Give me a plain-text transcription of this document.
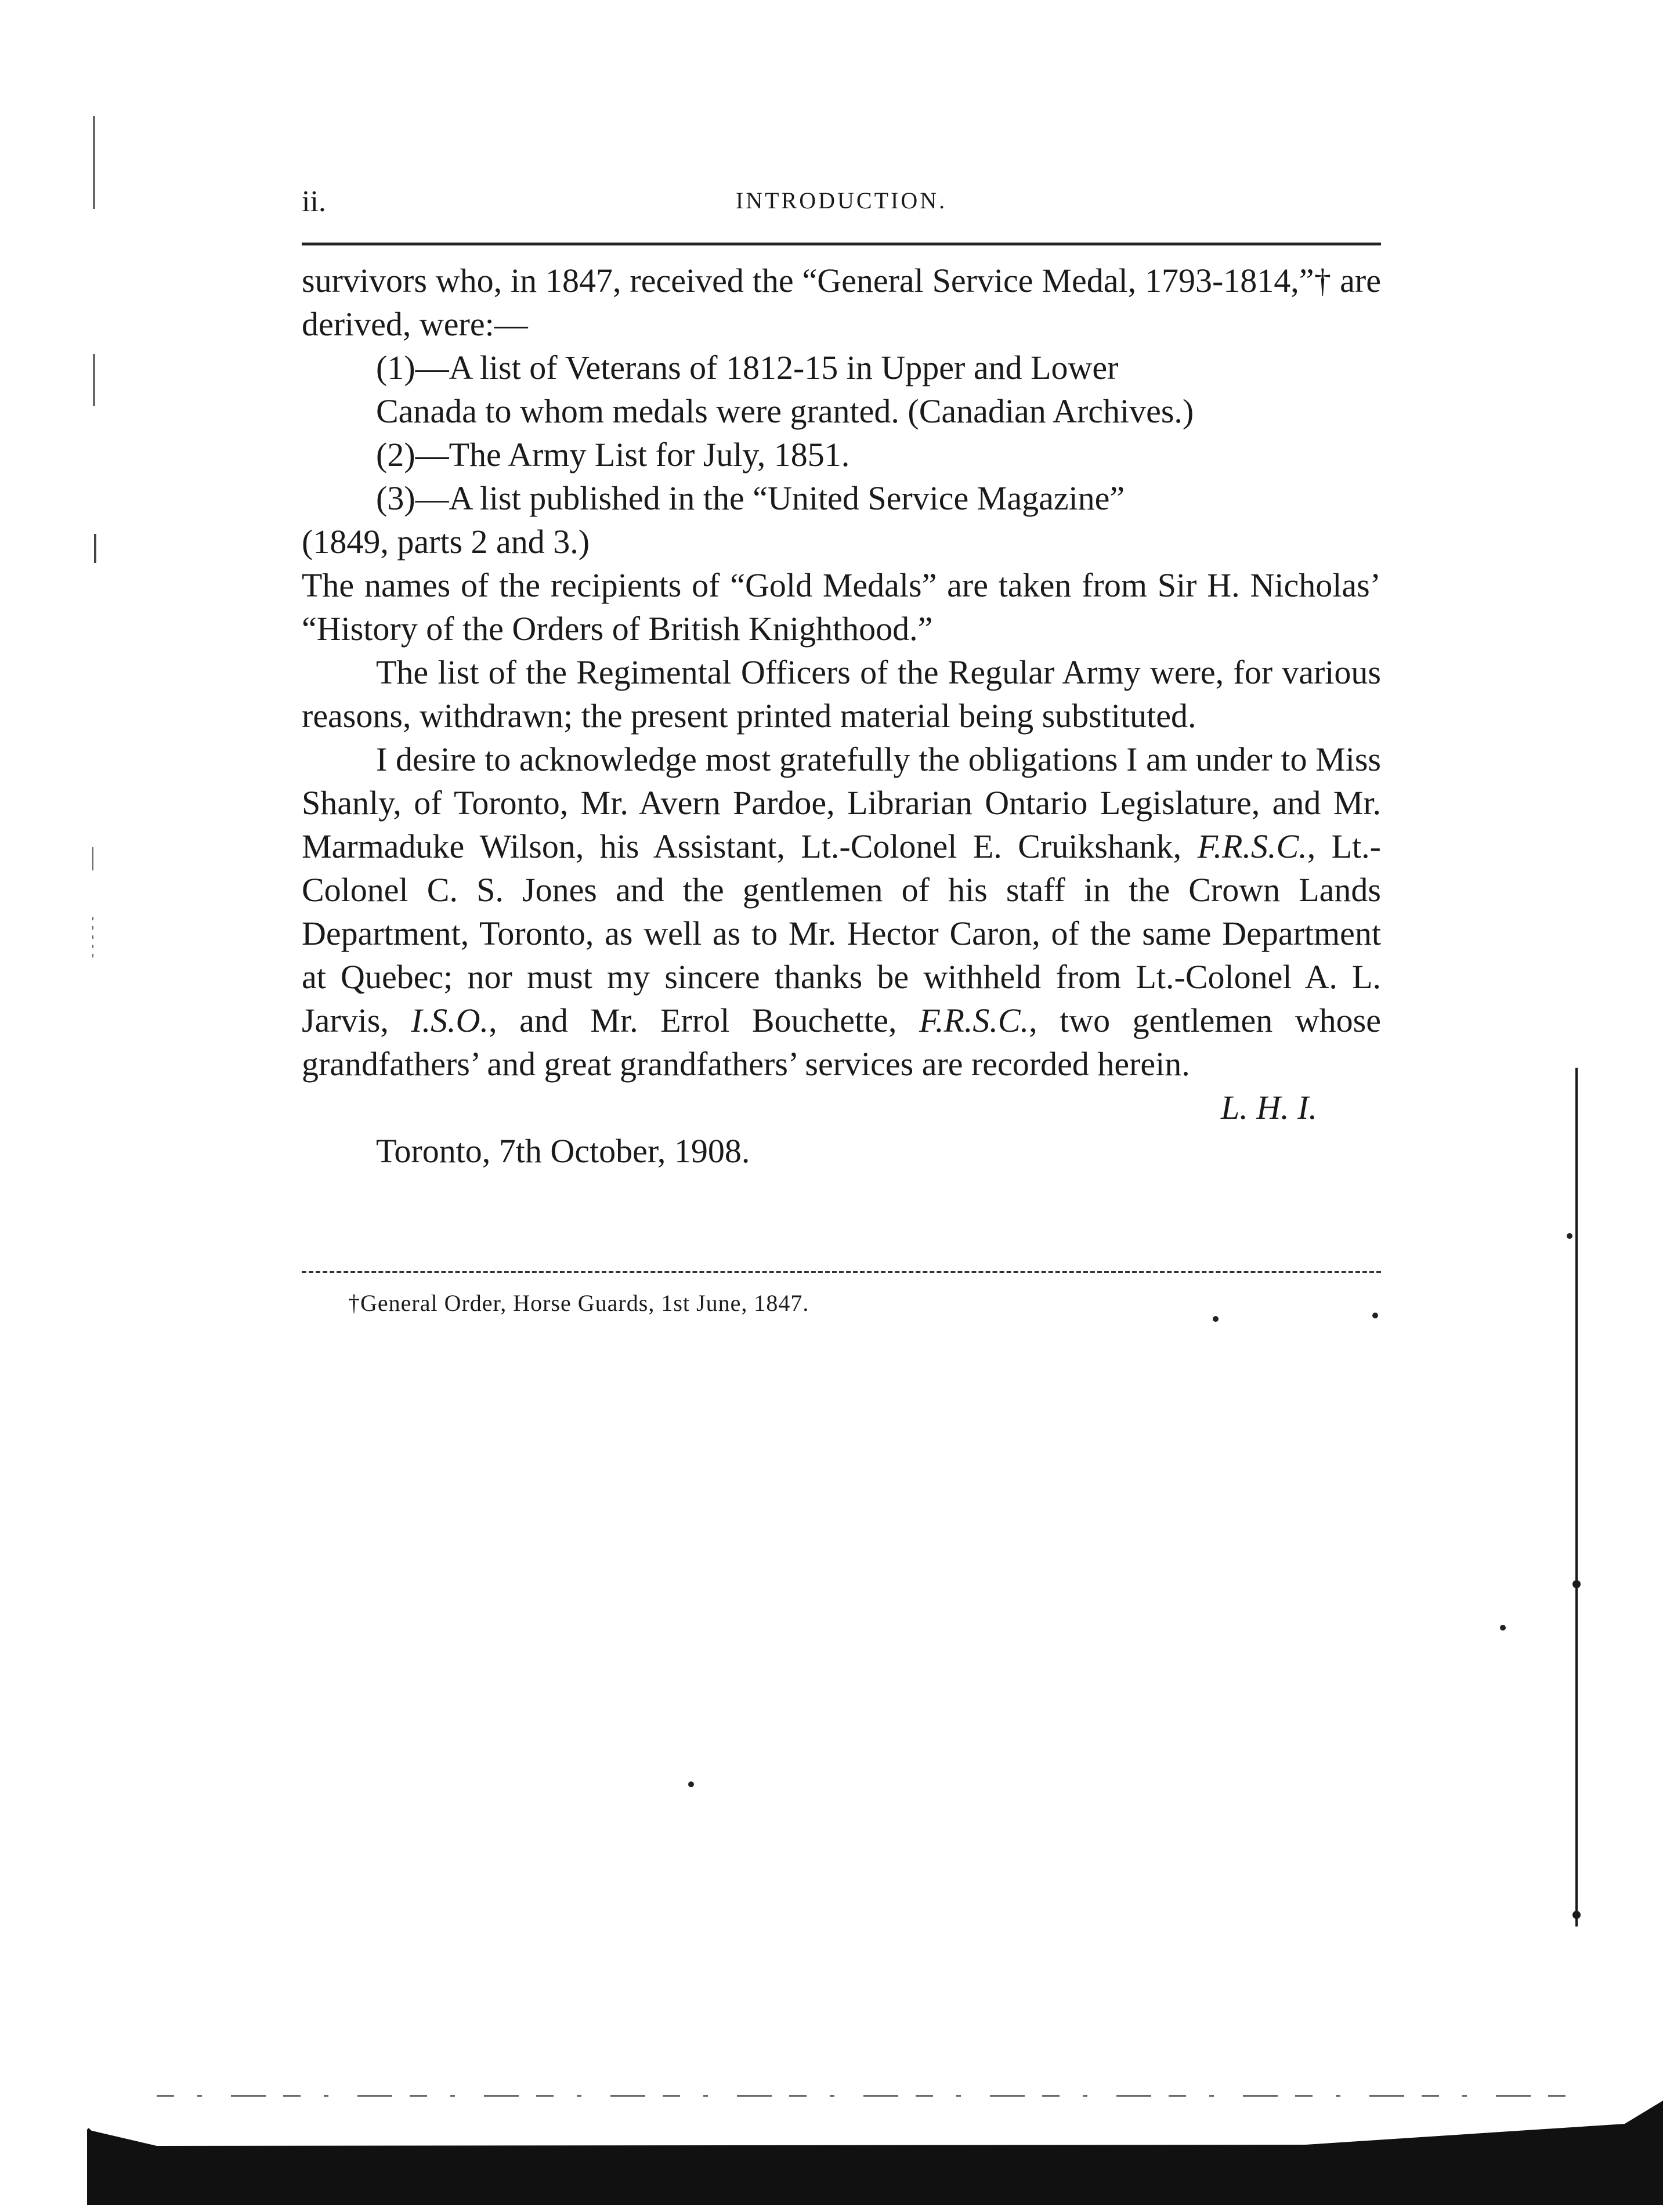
ii.	INTRODUCTION.

survivors who, in 1847, received the “General Service Medal, 1793-1814,”† are derived, were:—

(1)—A list of Veterans of 1812-15 in Upper and Lower
Canada to whom medals were granted. (Canadian Archives.)

(2)—The Army List for July, 1851.

(3)—A list published in the “United Service Magazine”
(1849, parts 2 and 3.)

The names of the recipients of “Gold Medals” are taken from Sir H. Nicholas’ “History of the Orders of British Knighthood.”

The list of the Regimental Officers of the Regular Army were, for various reasons, withdrawn; the present printed material being substituted.

I desire to acknowledge most gratefully the obligations I am under to Miss Shanly, of Toronto, Mr. Avern Pardoe, Librarian Ontario Legislature, and Mr. Marmaduke Wilson, his Assistant, Lt.-Colonel E. Cruikshank, F.R.S.C., Lt.-Colonel C. S. Jones and the gentlemen of his staff in the Crown Lands Department, Toronto, as well as to Mr. Hector Caron, of the same Department at Quebec; nor must my sincere thanks be withheld from Lt.-Colonel A. L. Jarvis, I.S.O., and Mr. Errol Bouchette, F.R.S.C., two gentlemen whose grandfathers’ and great grandfathers’ services are recorded herein.

L. H. I.

Toronto, 7th October, 1908.

†General Order, Horse Guards, 1st June, 1847.
